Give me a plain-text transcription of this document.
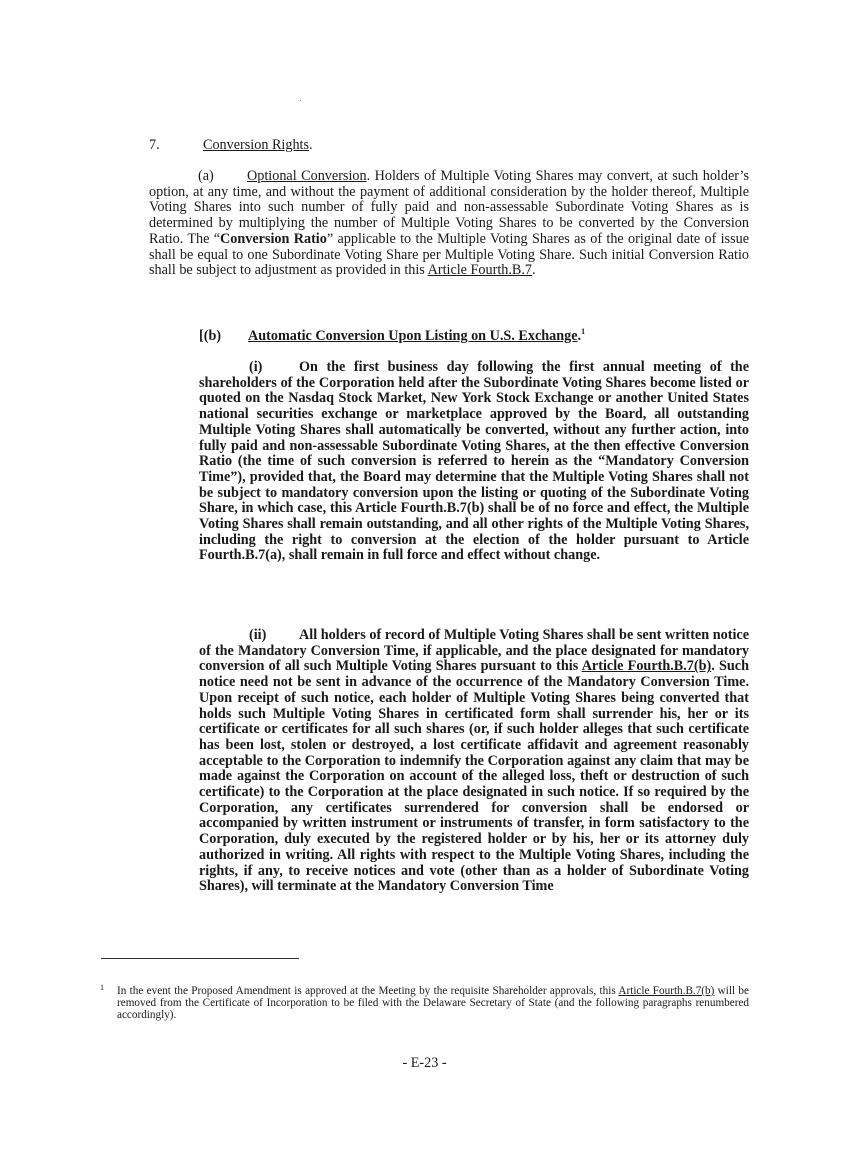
7.	Conversion Rights.

(a) Optional Conversion. Holders of Multiple Voting Shares may convert, at such holder’s option, at any time, and without the payment of additional consideration by the holder thereof, Multiple Voting Shares into such number of fully paid and non-assessable Subordinate Voting Shares as is determined by multiplying the number of Multiple Voting Shares to be converted by the Conversion Ratio. The “Conversion Ratio” applicable to the Multiple Voting Shares as of the original date of issue shall be equal to one Subordinate Voting Share per Multiple Voting Share. Such initial Conversion Ratio shall be subject to adjustment as provided in this Article Fourth.B.7.

[(b) Automatic Conversion Upon Listing on U.S. Exchange.$^1$

(i)	On the first business day following the first annual meeting of the shareholders of the Corporation held after the Subordinate Voting Shares become listed or quoted on the Nasdaq Stock Market, New York Stock Exchange or another United States national securities exchange or marketplace approved by the Board, all outstanding Multiple Voting Shares shall automatically be converted, without any further action, into fully paid and non-assessable Subordinate Voting Shares, at the then effective Conversion Ratio (the time of such conversion is referred to herein as the “Mandatory Conversion Time”), provided that, the Board may determine that the Multiple Voting Shares shall not be subject to mandatory conversion upon the listing or quoting of the Subordinate Voting Share, in which case, this Article Fourth.B.7(b) shall be of no force and effect, the Multiple Voting Shares shall remain outstanding, and all other rights of the Multiple Voting Shares, including the right to conversion at the election of the holder pursuant to Article Fourth.B.7(a), shall remain in full force and effect without change.

(ii) All holders of record of Multiple Voting Shares shall be sent written notice of the Mandatory Conversion Time, if applicable, and the place designated for mandatory conversion of all such Multiple Voting Shares pursuant to this Article Fourth.B.7(b). Such notice need not be sent in advance of the occurrence of the Mandatory Conversion Time. Upon receipt of such notice, each holder of Multiple Voting Shares being converted that holds such Multiple Voting Shares in certificated form shall surrender his, her or its certificate or certificates for all such shares (or, if such holder alleges that such certificate has been lost, stolen or destroyed, a lost certificate affidavit and agreement reasonably acceptable to the Corporation to indemnify the Corporation against any claim that may be made against the Corporation on account of the alleged loss, theft or destruction of such certificate) to the Corporation at the place designated in such notice. If so required by the Corporation, any certificates surrendered for conversion shall be endorsed or accompanied by written instrument or instruments of transfer, in form satisfactory to the Corporation, duly executed by the registered holder or by his, her or its attorney duly authorized in writing. All rights with respect to the Multiple Voting Shares, including the rights, if any, to receive notices and vote (other than as a holder of Subordinate Voting Shares), will terminate at the Mandatory Conversion Time

1 In the event the Proposed Amendment is approved at the Meeting by the requisite Shareholder approvals, this Article Fourth.B.7(b) will be removed from the Certificate of Incorporation to be filed with the Delaware Secretary of State (and the following paragraphs renumbered accordingly).

- E-23 -
